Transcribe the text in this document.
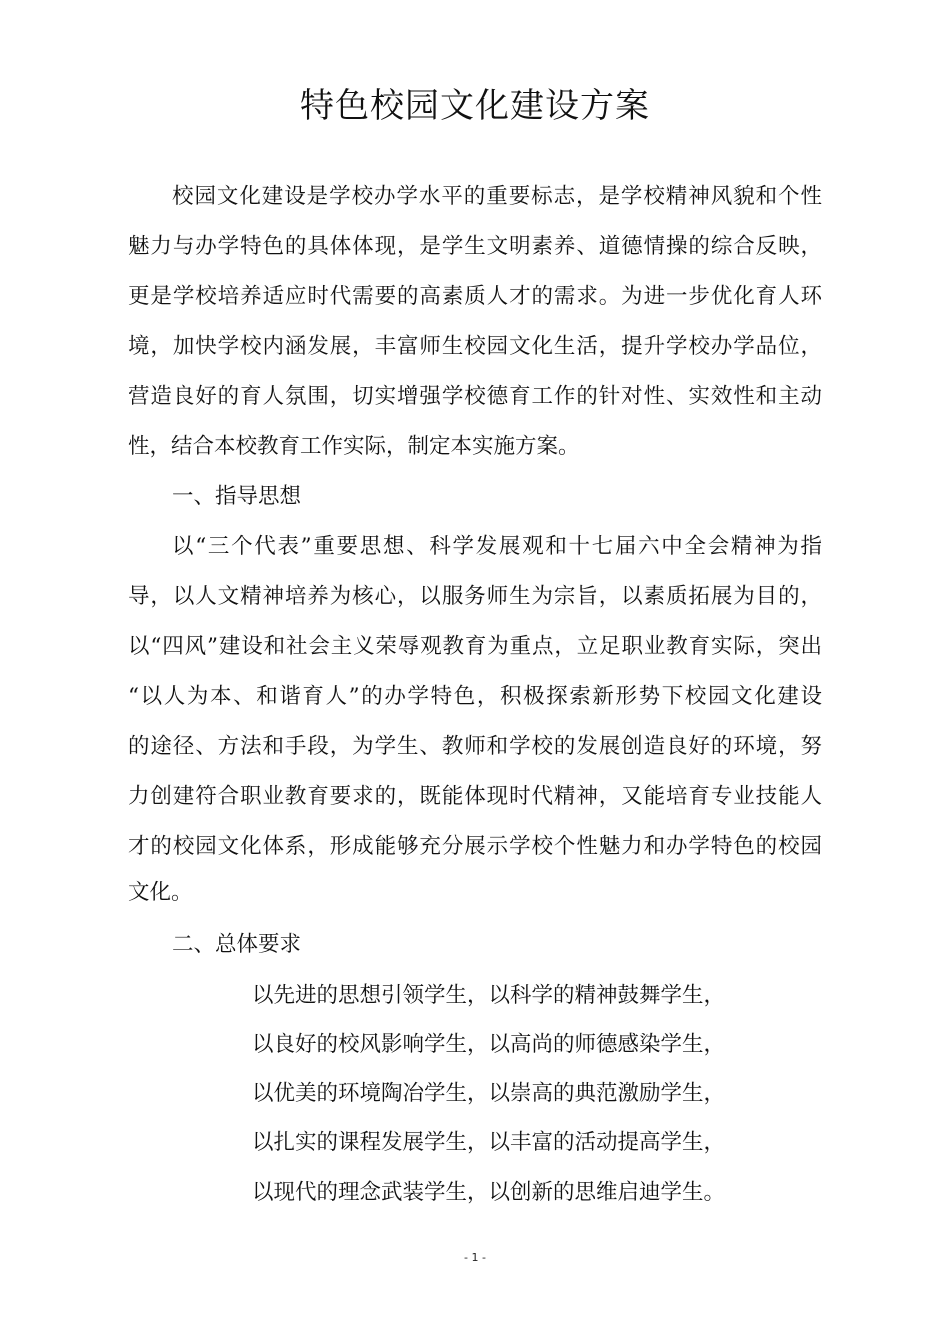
特色校园文化建设方案
校园文化建设是学校办学水平的重要标志，是学校精神风貌和个性
魅力与办学特色的具体体现，是学生文明素养、道德情操的综合反映，
更是学校培养适应时代需要的高素质人才的需求。为进一步优化育人环
境，加快学校内涵发展，丰富师生校园文化生活，提升学校办学品位，
营造良好的育人氛围，切实增强学校德育工作的针对性、实效性和主动
性，结合本校教育工作实际，制定本实施方案。
一、指导思想
以“三个代表”重要思想、科学发展观和十七届六中全会精神为指
导，以人文精神培养为核心，以服务师生为宗旨，以素质拓展为目的，
以“四风”建设和社会主义荣辱观教育为重点，立足职业教育实际，突出
“以人为本、和谐育人”的办学特色，积极探索新形势下校园文化建设
的途径、方法和手段，为学生、教师和学校的发展创造良好的环境，努
力创建符合职业教育要求的，既能体现时代精神，又能培育专业技能人
才的校园文化体系，形成能够充分展示学校个性魅力和办学特色的校园
文化。
二、总体要求
以先进的思想引领学生，以科学的精神鼓舞学生，
以良好的校风影响学生，以高尚的师德感染学生，
以优美的环境陶冶学生，以崇高的典范激励学生，
以扎实的课程发展学生，以丰富的活动提高学生，
以现代的理念武装学生，以创新的思维启迪学生。
- 1 -
